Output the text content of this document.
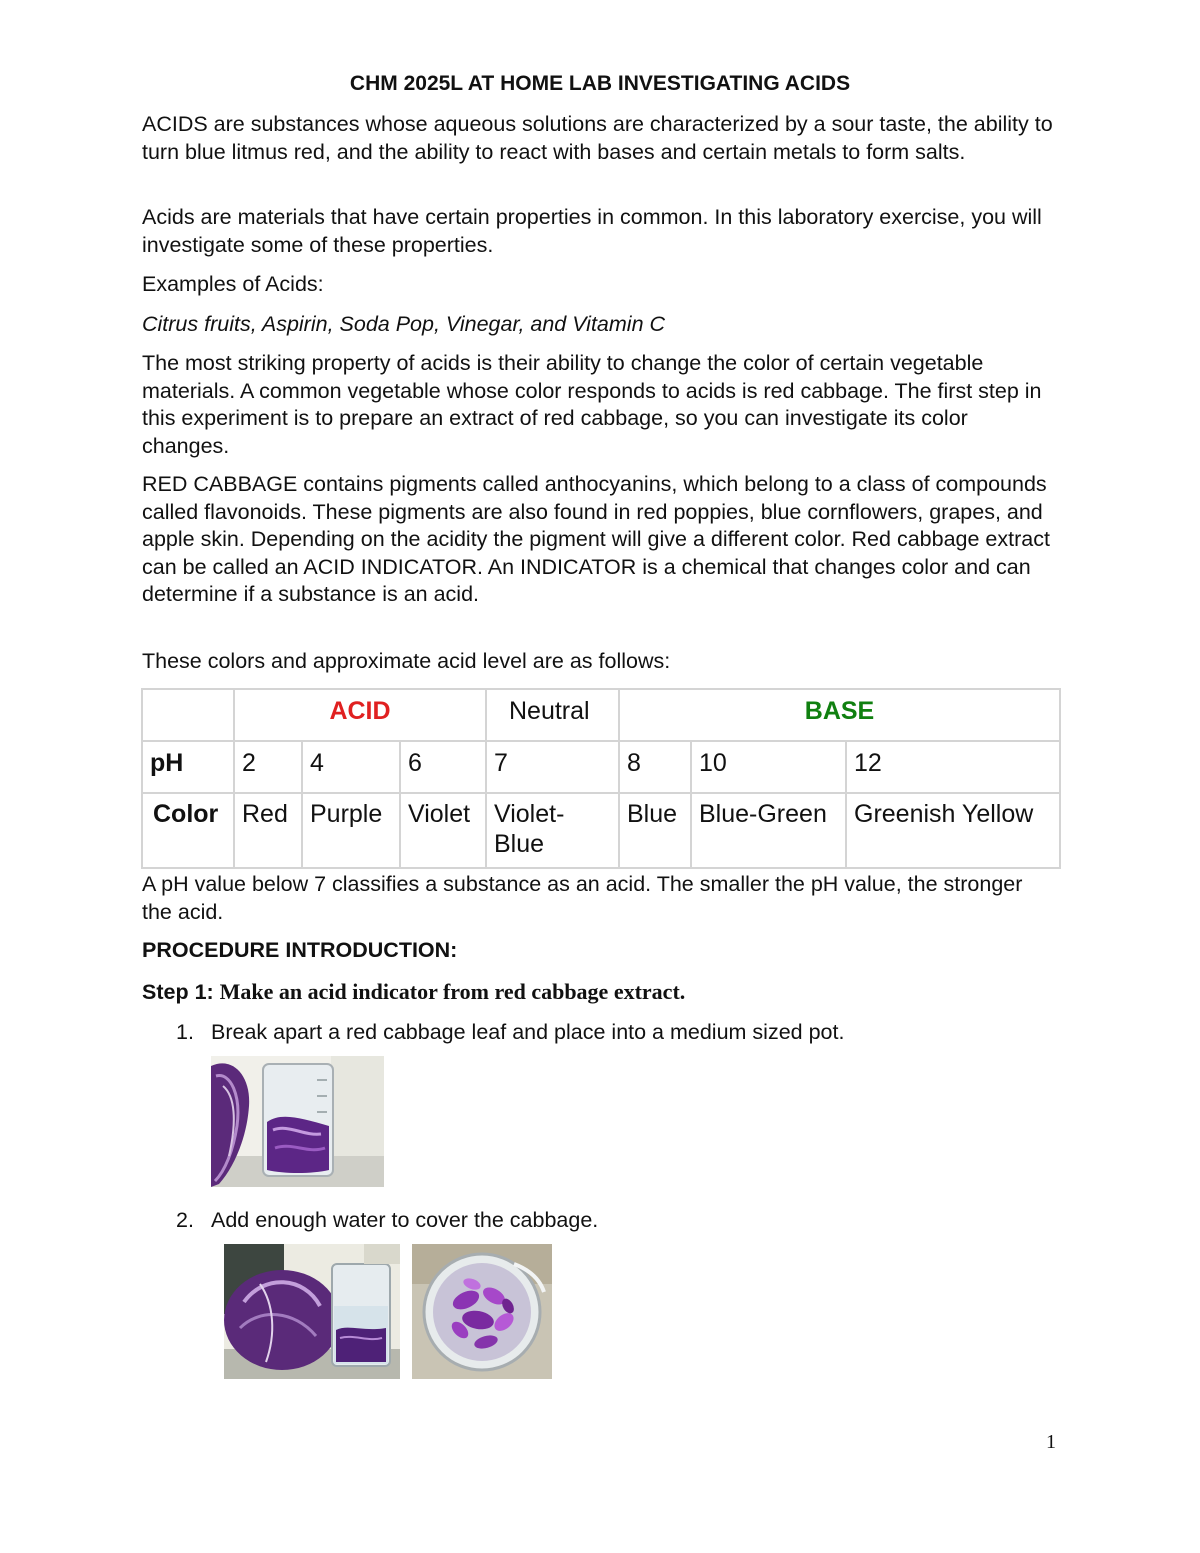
CHM 2025L AT HOME LAB INVESTIGATING ACIDS

ACIDS are substances whose aqueous solutions are characterized by a sour taste, the ability to turn blue litmus red, and the ability to react with bases and certain metals to form salts.

Acids are materials that have certain properties in common. In this laboratory exercise, you will investigate some of these properties.

Examples of Acids:

Citrus fruits, Aspirin, Soda Pop, Vinegar, and Vitamin C

The most striking property of acids is their ability to change the color of certain vegetable materials. A common vegetable whose color responds to acids is red cabbage. The first step in this experiment is to prepare an extract of red cabbage, so you can investigate its color changes.

RED CABBAGE contains pigments called anthocyanins, which belong to a class of compounds called flavonoids. These pigments are also found in red poppies, blue cornflowers, grapes, and apple skin. Depending on the acidity the pigment will give a different color. Red cabbage extract can be called an ACID INDICATOR. An INDICATOR is a chemical that changes color and can determine if a substance is an acid.

These colors and approximate acid level are as follows:

	ACID			Neutral	BASE		
pH	2	4	6	7	8	10	12
Color	Red	Purple	Violet	Violet-Blue	Blue	Blue-Green	Greenish Yellow

A pH value below 7 classifies a substance as an acid. The smaller the pH value, the stronger the acid.

PROCEDURE INTRODUCTION:

Step 1: Make an acid indicator from red cabbage extract.

1. Break apart a red cabbage leaf and place into a medium sized pot.

2. Add enough water to cover the cabbage.

1
